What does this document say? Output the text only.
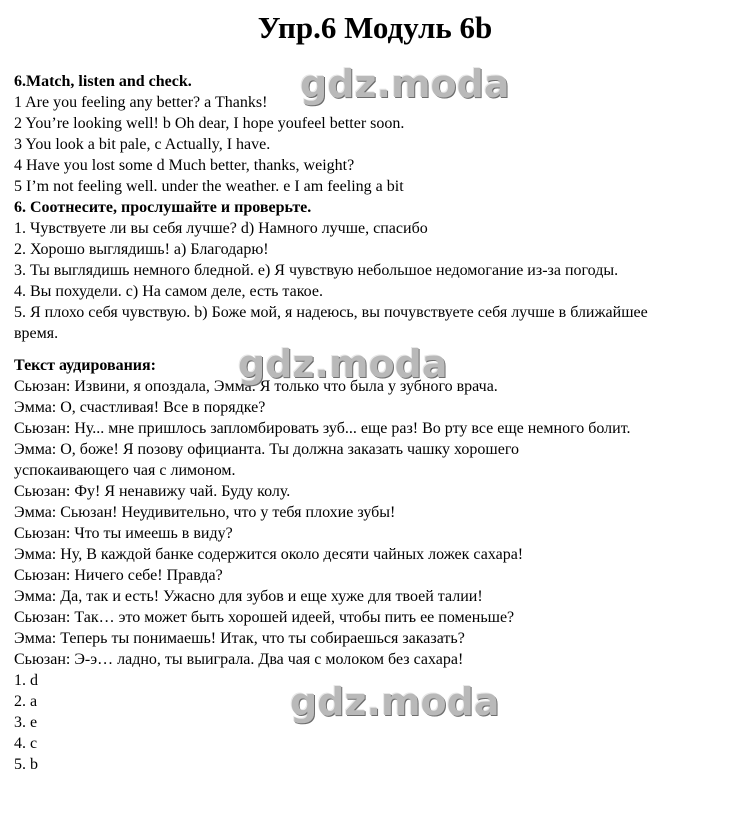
Упр.6 Модуль 6b

6.Match, listen and check.

1 Are you feeling any better? a Thanks!

2 You’re looking well! b Oh dear, I hope youfeel better soon.

3 You look a bit pale, c Actually, I have.

4 Have you lost some d Much better, thanks, weight?

5 I’m not feeling well. under the weather. e I am feeling a bit

6. Соотнесите, прослушайте и проверьте.

1. Чувствуете ли вы себя лучше? d) Намного лучше, спасибо

2. Хорошо выглядишь! а) Благодарю!

3. Ты выглядишь немного бледной. е) Я чувствую небольшое недомогание из-за погоды.

4. Вы похудели. с) На самом деле, есть такое.

5. Я плохо себя чувствую. b) Боже мой, я надеюсь, вы почувствуете себя лучше в ближайшее время.

Текст аудирования:

Сьюзан: Извини, я опоздала, Эмма. Я только что была у зубного врача.

Эмма: О, счастливая! Все в порядке?

Сьюзан: Ну... мне пришлось запломбировать зуб... еще раз! Во рту все еще немного болит.

Эмма: О, боже! Я позову официанта. Ты должна заказать чашку хорошего успокаивающего чая с лимоном.

Сьюзан: Фу! Я ненавижу чай. Буду колу.

Эмма: Сьюзан! Неудивительно, что у тебя плохие зубы!

Сьюзан: Что ты имеешь в виду?

Эмма: Ну, В каждой банке содержится около десяти чайных ложек сахара!

Сьюзан: Ничего себе! Правда?

Эмма: Да, так и есть! Ужасно для зубов и еще хуже для твоей талии!

Сьюзан: Так… это может быть хорошей идеей, чтобы пить ее поменьше?

Эмма: Теперь ты понимаешь! Итак, что ты собираешься заказать?

Сьюзан: Э-э… ладно, ты выиграла. Два чая с молоком без сахара!

1. d

2. a

3. e

4. c

5. b

gdz.moda
gdz.moda
gdz.moda
